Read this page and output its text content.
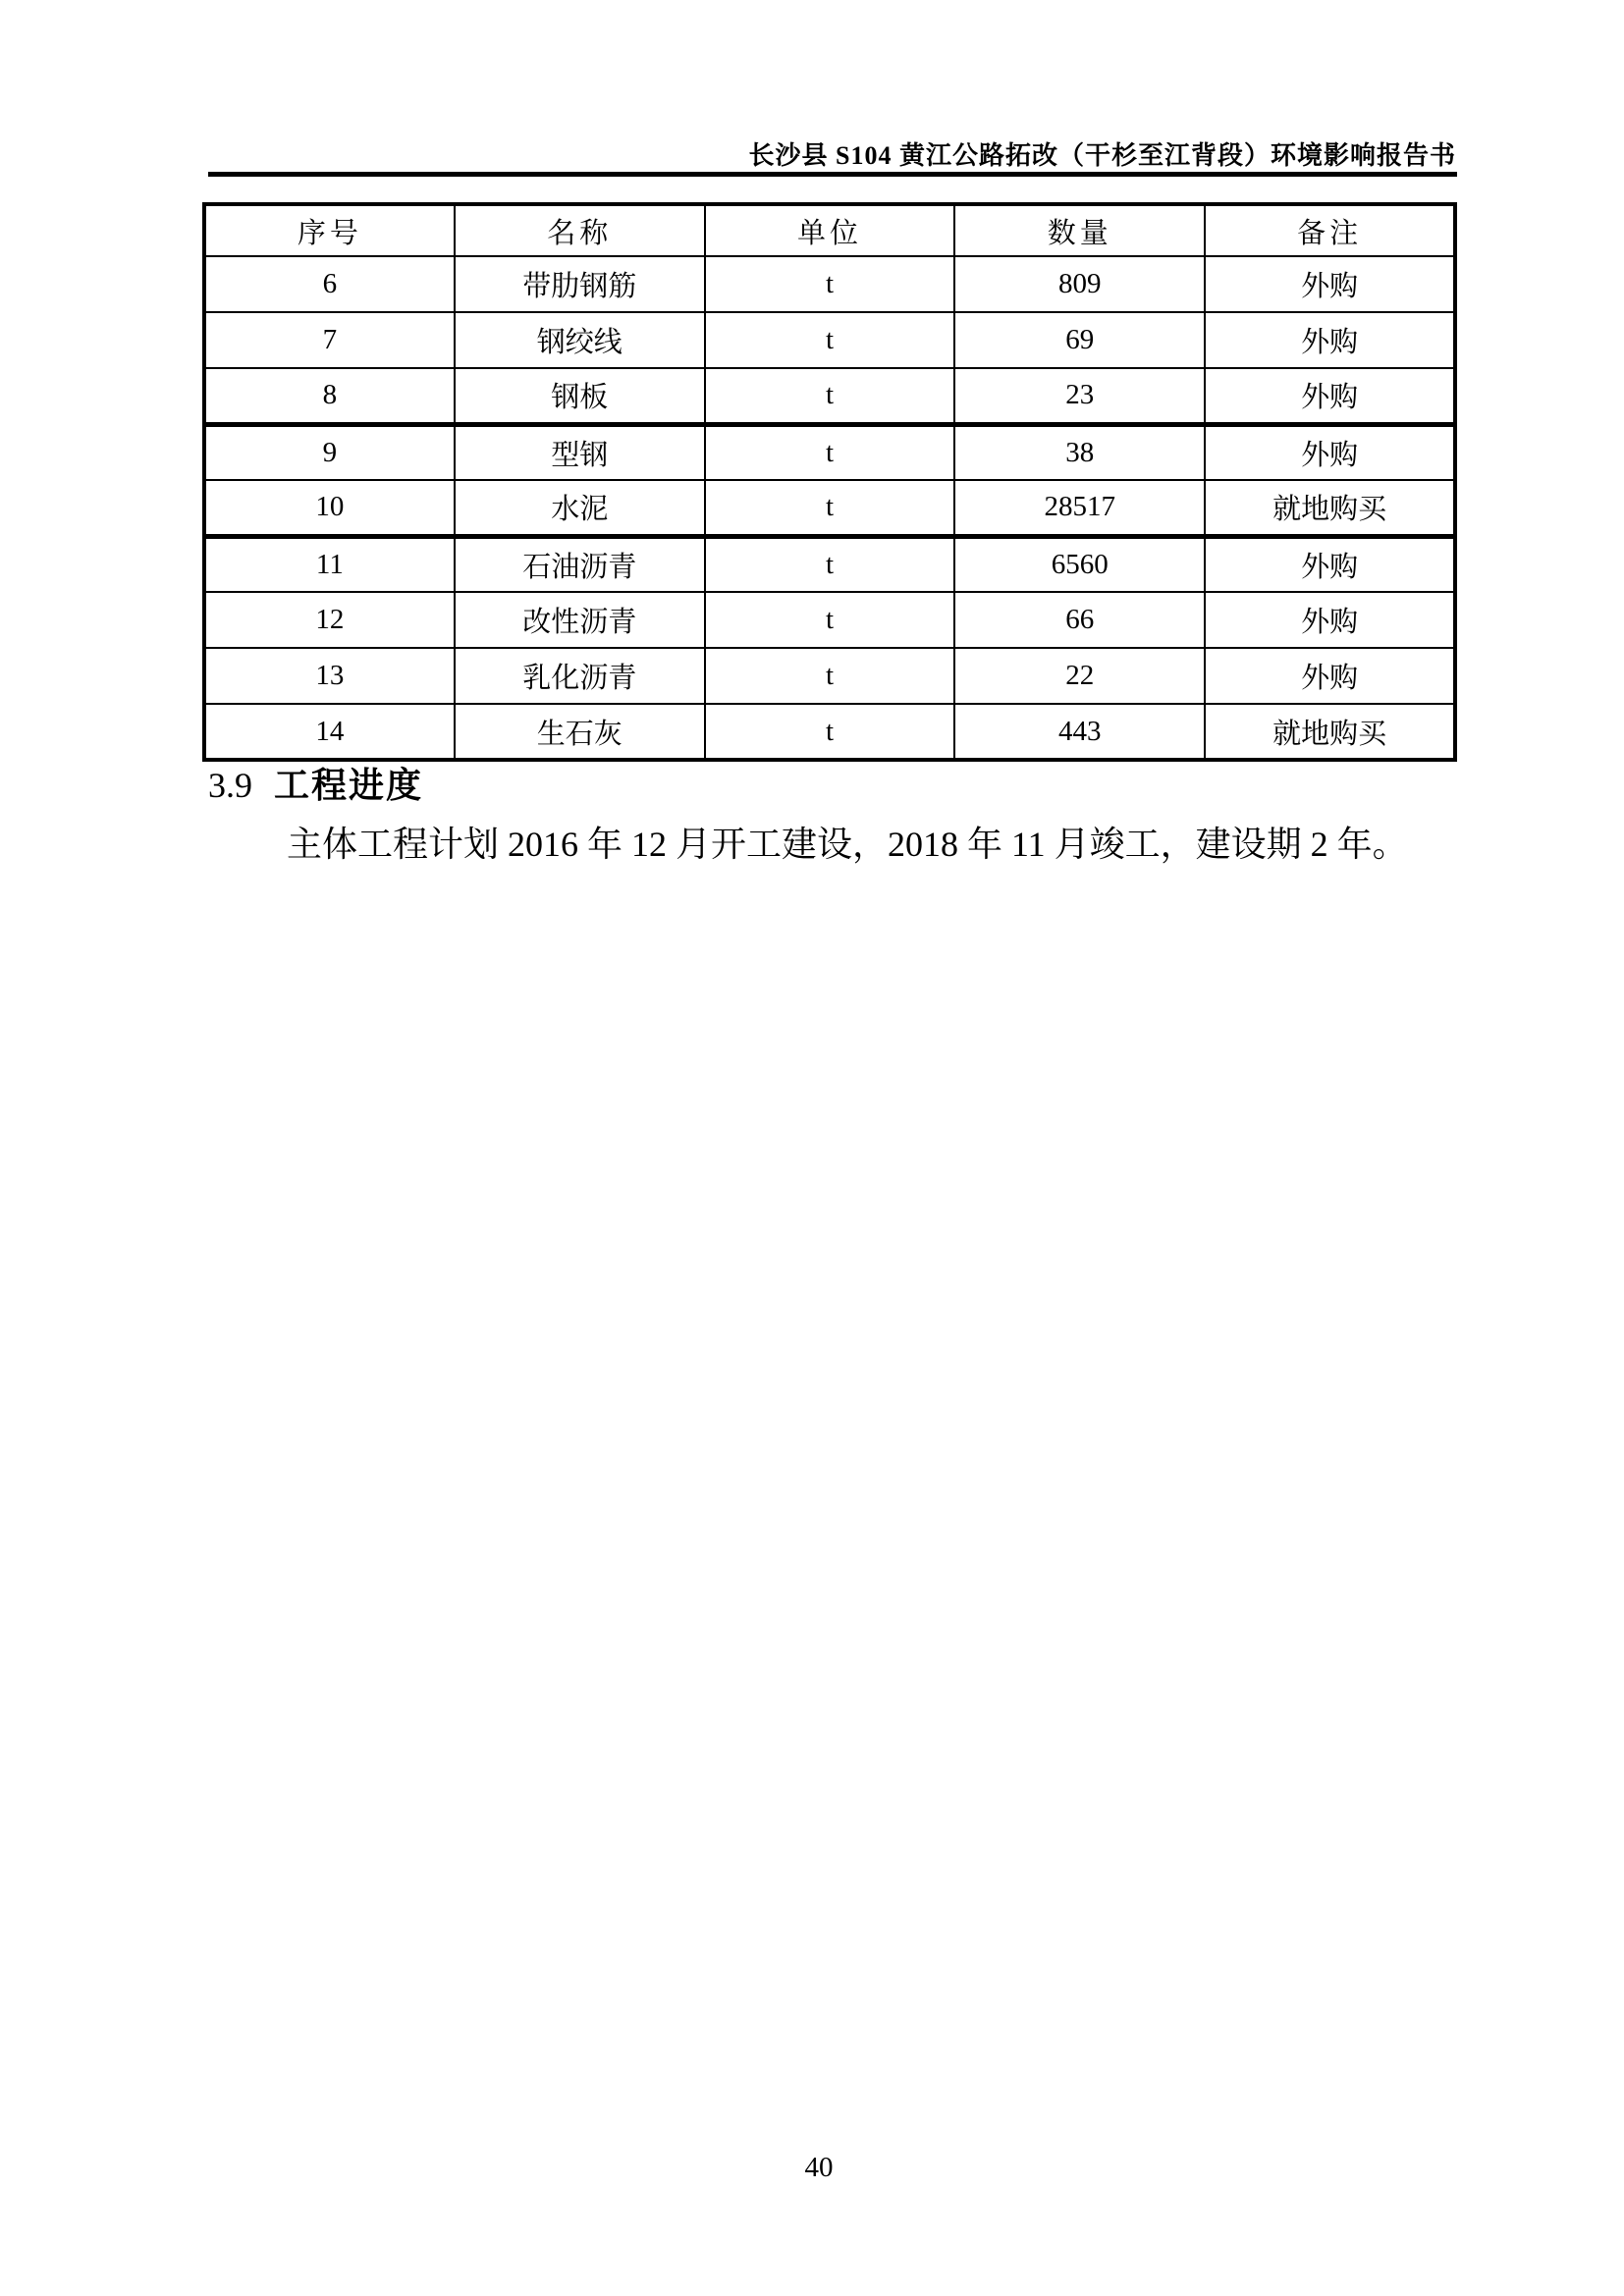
长沙县 S104 黄江公路拓改（干杉至江背段）环境影响报告书
序号	名称	单位	数量	备注
6	带肋钢筋	t	809	外购
7	钢绞线	t	69	外购
8	钢板	t	23	外购
9	型钢	t	38	外购
10	水泥	t	28517	就地购买
11	石油沥青	t	6560	外购
12	改性沥青	t	66	外购
13	乳化沥青	t	22	外购
14	生石灰	t	443	就地购买
3.9 工程进度
主体工程计划 2016 年 12 月开工建设，2018 年 11 月竣工，建设期 2 年。
40
